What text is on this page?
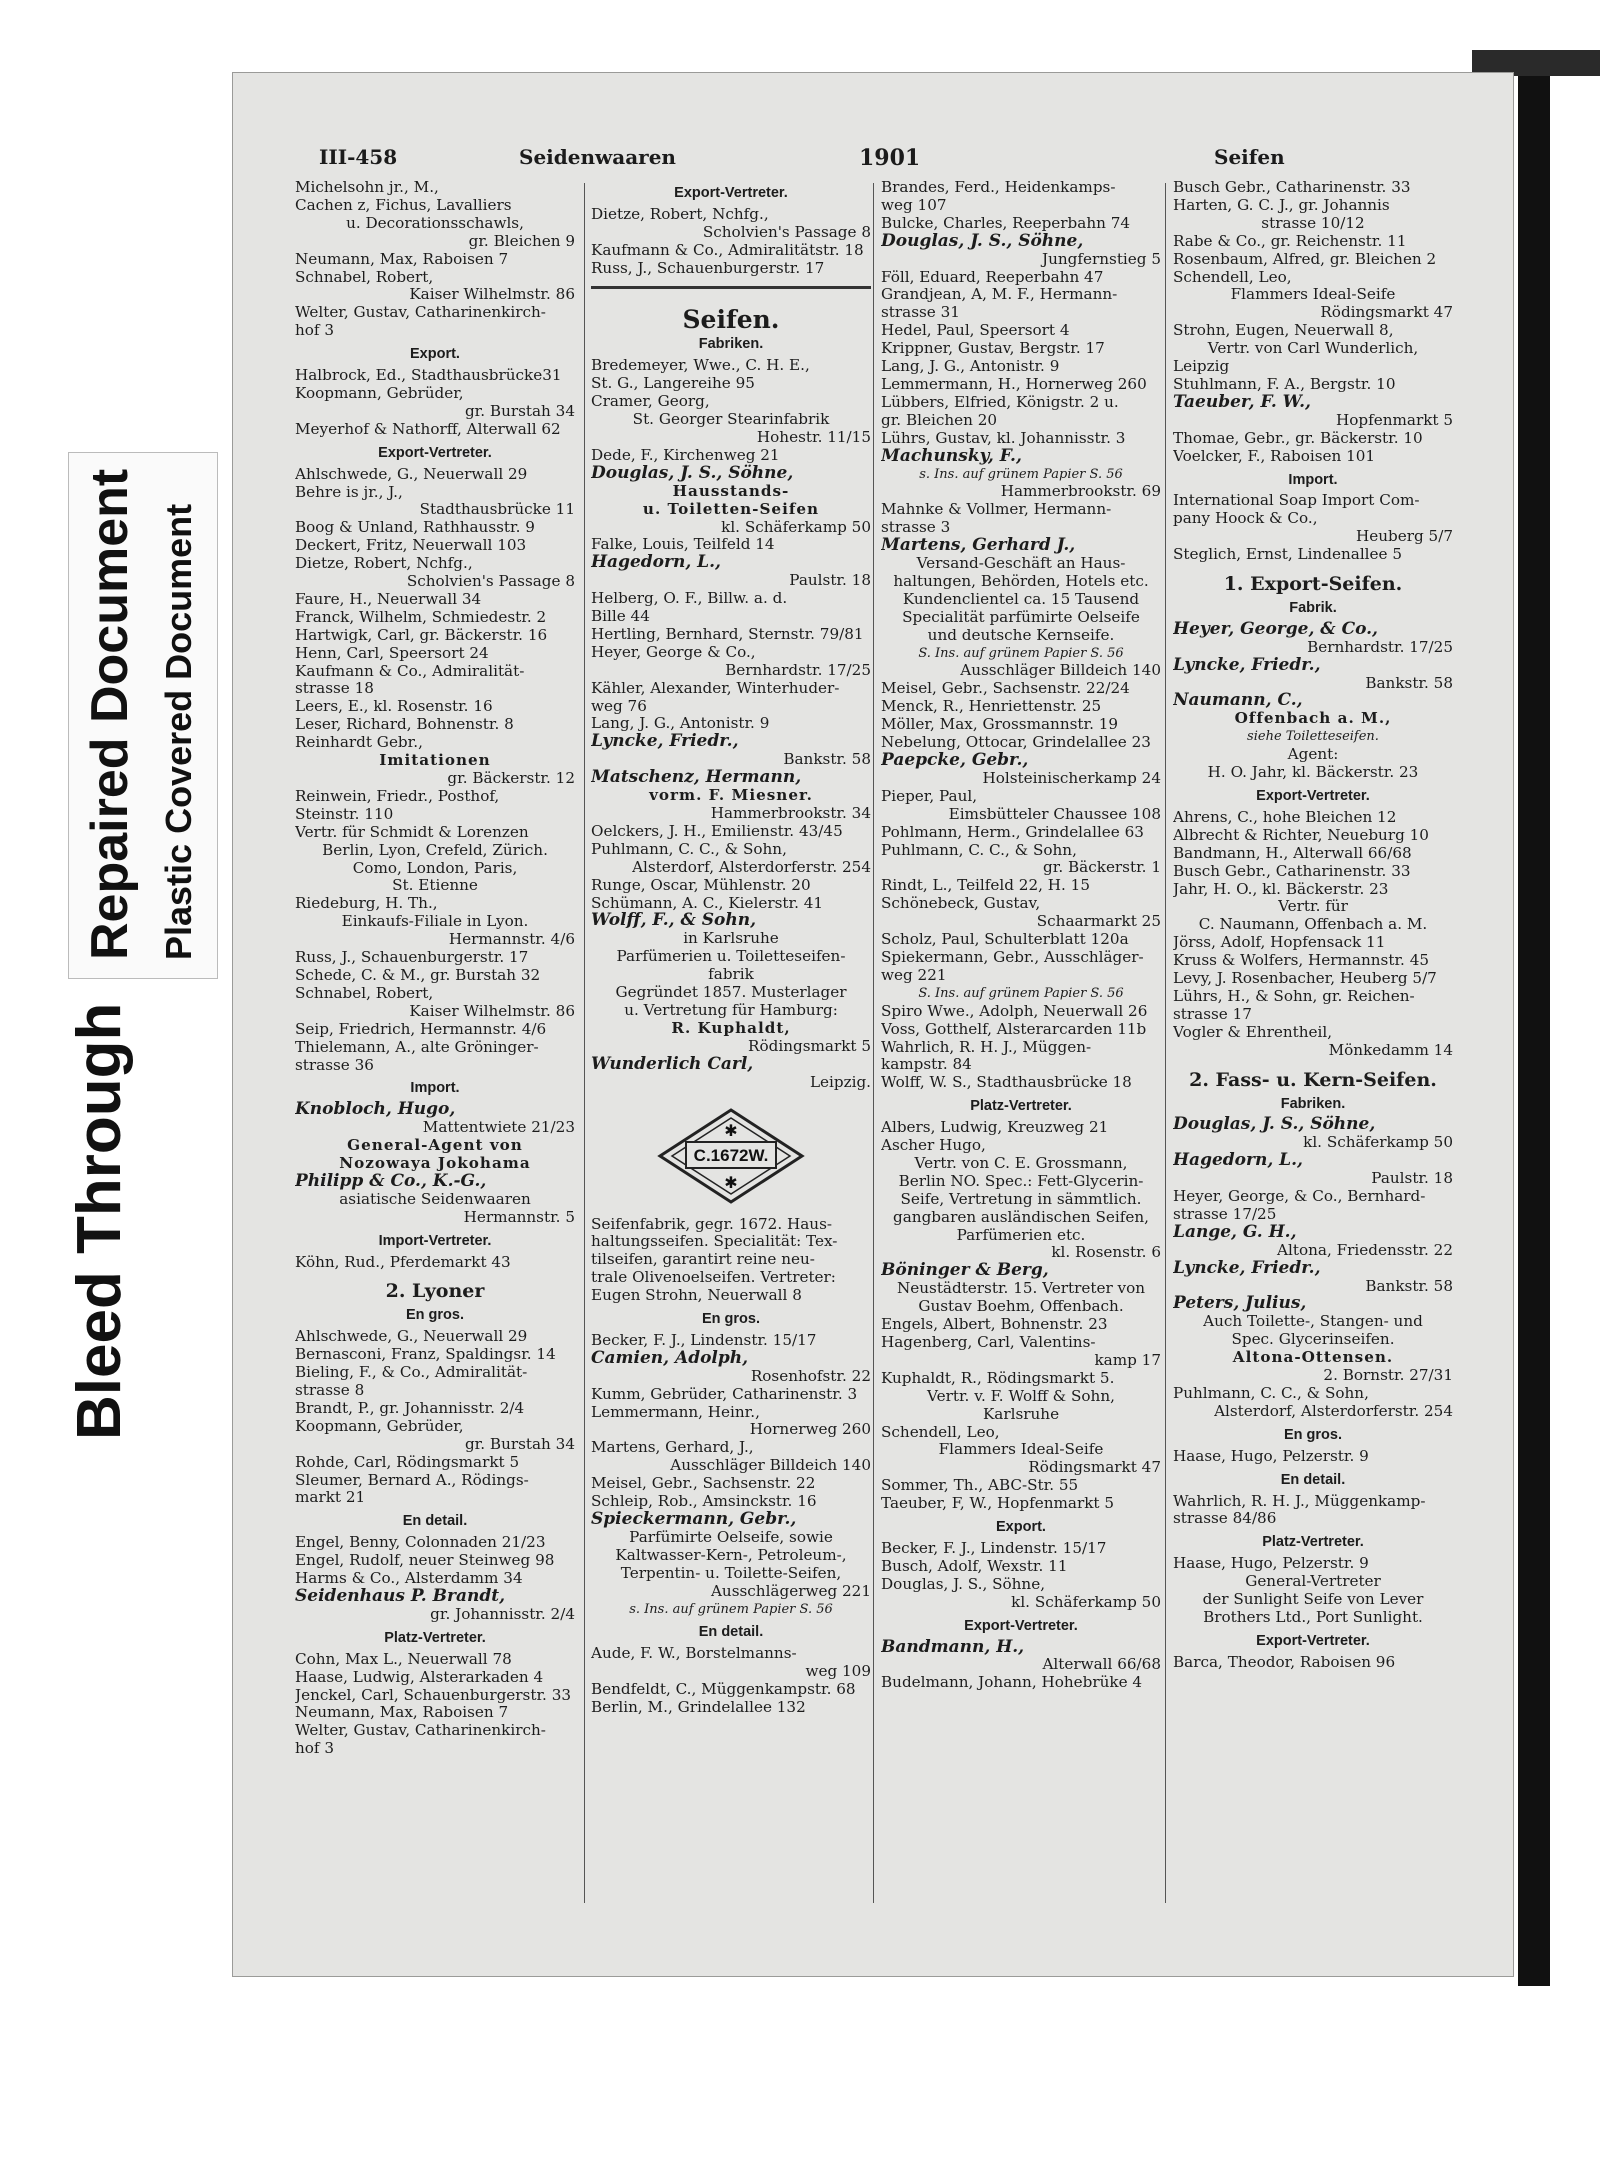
Bleed Through
Repaired Document Plastic Covered Document
III-458	Seidenwaaren	1901	Seifen

Michelsohn jr., M.,

Cachen z, Fichus, Lavalliers

u. Decorationsschawls,

gr. Bleichen 9

Neumann, Max, Raboisen 7

Schnabel, Robert,

Kaiser Wilhelmstr. 86

Welter, Gustav, Catharinenkirch-

hof 3

Export.

Halbrock, Ed., Stadthausbrücke31

Koopmann, Gebrüder,

gr. Burstah 34

Meyerhof & Nathorff, Alterwall 62

Export-Vertreter.

Ahlschwede, G., Neuerwall 29

Behre is jr., J.,

Stadthausbrücke 11

Boog & Unland, Rathhausstr. 9

Deckert, Fritz, Neuerwall 103

Dietze, Robert, Nchfg.,

Scholvien's Passage 8

Faure, H., Neuerwall 34

Franck, Wilhelm, Schmiedestr. 2

Hartwigk, Carl, gr. Bäckerstr. 16

Henn, Carl, Speersort 24

Kaufmann & Co., Admiralität-

strasse 18

Leers, E., kl. Rosenstr. 16

Leser, Richard, Bohnenstr. 8

Reinhardt Gebr.,

Imitationen

gr. Bäckerstr. 12

Reinwein, Friedr., Posthof,

Steinstr. 110

Vertr. für Schmidt & Lorenzen

Berlin, Lyon, Crefeld, Zürich.

Como, London, Paris,

St. Etienne

Riedeburg, H. Th.,

Einkaufs-Filiale in Lyon.

Hermannstr. 4/6

Russ, J., Schauenburgerstr. 17

Schede, C. & M., gr. Burstah 32

Schnabel, Robert,

Kaiser Wilhelmstr. 86

Seip, Friedrich, Hermannstr. 4/6

Thielemann, A., alte Gröninger-

strasse 36

Import.

Knobloch, Hugo,

Mattentwiete 21/23

General-Agent von

Nozowaya Jokohama

Philipp & Co., K.-G.,

asiatische Seidenwaaren

Hermannstr. 5

Import-Vertreter.

Köhn, Rud., Pferdemarkt 43

2. Lyoner
En gros.

Ahlschwede, G., Neuerwall 29

Bernasconi, Franz, Spaldingsr. 14

Bieling, F., & Co., Admiralität-

strasse 8

Brandt, P., gr. Johannisstr. 2/4

Koopmann, Gebrüder,

gr. Burstah 34

Rohde, Carl, Rödingsmarkt 5

Sleumer, Bernard A., Rödings-

markt 21

En detail.

Engel, Benny, Colonnaden 21/23

Engel, Rudolf, neuer Steinweg 98

Harms & Co., Alsterdamm 34

Seidenhaus P. Brandt,

gr. Johannisstr. 2/4

Platz-Vertreter.

Cohn, Max L., Neuerwall 78

Haase, Ludwig, Alsterarkaden 4

Jenckel, Carl, Schauenburgerstr. 33

Neumann, Max, Raboisen 7

Welter, Gustav, Catharinenkirch-

hof 3

Export-Vertreter.

Dietze, Robert, Nchfg.,

Scholvien's Passage 8

Kaufmann & Co., Admiralitätstr. 18

Russ, J., Schauenburgerstr. 17

Seifen.
Fabriken.

Bredemeyer, Wwe., C. H. E.,

St. G., Langereihe 95

Cramer, Georg,

St. Georger Stearinfabrik

Hohestr. 11/15

Dede, F., Kirchenweg 21

Douglas, J. S., Söhne,

Hausstands-

u. Toiletten-Seifen

kl. Schäferkamp 50

Falke, Louis, Teilfeld 14

Hagedorn, L.,

Paulstr. 18

Helberg, O. F., Billw. a. d.

Bille 44

Hertling, Bernhard, Sternstr. 79/81

Heyer, George & Co.,

Bernhardstr. 17/25

Kähler, Alexander, Winterhuder-

weg 76

Lang, J. G., Antonistr. 9

Lyncke, Friedr.,

Bankstr. 58

Matschenz, Hermann,

vorm. F. Miesner.

Hammerbrookstr. 34

Oelckers, J. H., Emilienstr. 43/45

Puhlmann, C. C., & Sohn,

Alsterdorf, Alsterdorferstr. 254

Runge, Oscar, Mühlenstr. 20

Schümann, A. C., Kielerstr. 41

Wolff, F., & Sohn,

in Karlsruhe

Parfümerien u. Toiletteseifen-

fabrik

Gegründet 1857. Musterlager

u. Vertretung für Hamburg:

R. Kuphaldt,

Rödingsmarkt 5

Wunderlich Carl,

Leipzig.

C.1672W.
✱
✱

Seifenfabrik, gegr. 1672. Haus-

haltungsseifen. Specialität: Tex-

tilseifen, garantirt reine neu-

trale Olivenoelseifen. Vertreter:

Eugen Strohn, Neuerwall 8

En gros.

Becker, F. J., Lindenstr. 15/17

Camien, Adolph,

Rosenhofstr. 22

Kumm, Gebrüder, Catharinenstr. 3

Lemmermann, Heinr.,

Hornerweg 260

Martens, Gerhard, J.,

Ausschläger Billdeich 140

Meisel, Gebr., Sachsenstr. 22

Schleip, Rob., Amsinckstr. 16

Spieckermann, Gebr.,

Parfümirte Oelseife, sowie

Kaltwasser-Kern-, Petroleum-,

Terpentin- u. Toilette-Seifen,

Ausschlägerweg 221

s. Ins. auf grünem Papier S. 56

En detail.

Aude, F. W., Borstelmanns-

weg 109

Bendfeldt, C., Müggenkampstr. 68

Berlin, M., Grindelallee 132

Brandes, Ferd., Heidenkamps-

weg 107

Bulcke, Charles, Reeperbahn 74

Douglas, J. S., Söhne,

Jungfernstieg 5

Föll, Eduard, Reeperbahn 47

Grandjean, A, M. F., Hermann-

strasse 31

Hedel, Paul, Speersort 4

Krippner, Gustav, Bergstr. 17

Lang, J. G., Antonistr. 9

Lemmermann, H., Hornerweg 260

Lübbers, Elfried, Königstr. 2 u.

gr. Bleichen 20

Lührs, Gustav, kl. Johannisstr. 3

Machunsky, F.,

s. Ins. auf grünem Papier S. 56

Hammerbrookstr. 69

Mahnke & Vollmer, Hermann-

strasse 3

Martens, Gerhard J.,

Versand-Geschäft an Haus-

haltungen, Behörden, Hotels etc.

Kundenclientel ca. 15 Tausend

Specialität parfümirte Oelseife

und deutsche Kernseife.

S. Ins. auf grünem Papier S. 56

Ausschläger Billdeich 140

Meisel, Gebr., Sachsenstr. 22/24

Menck, R., Henriettenstr. 25

Möller, Max, Grossmannstr. 19

Nebelung, Ottocar, Grindelallee 23

Paepcke, Gebr.,

Holsteinischerkamp 24

Pieper, Paul,

Eimsbütteler Chaussee 108

Pohlmann, Herm., Grindelallee 63

Puhlmann, C. C., & Sohn,

gr. Bäckerstr. 1

Rindt, L., Teilfeld 22, H. 15

Schönebeck, Gustav,

Schaarmarkt 25

Scholz, Paul, Schulterblatt 120a

Spiekermann, Gebr., Ausschläger-

weg 221

S. Ins. auf grünem Papier S. 56

Spiro Wwe., Adolph, Neuerwall 26

Voss, Gotthelf, Alsterarcarden 11b

Wahrlich, R. H. J., Müggen-

kampstr. 84

Wolff, W. S., Stadthausbrücke 18

Platz-Vertreter.

Albers, Ludwig, Kreuzweg 21

Ascher Hugo,

Vertr. von C. E. Grossmann,

Berlin NO. Spec.: Fett-Glycerin-

Seife, Vertretung in sämmtlich.

gangbaren ausländischen Seifen,

Parfümerien etc.

kl. Rosenstr. 6

Böninger & Berg,

Neustädterstr. 15. Vertreter von

Gustav Boehm, Offenbach.

Engels, Albert, Bohnenstr. 23

Hagenberg, Carl, Valentins-

kamp 17

Kuphaldt, R., Rödingsmarkt 5.

Vertr. v. F. Wolff & Sohn,

Karlsruhe

Schendell, Leo,

Flammers Ideal-Seife

Rödingsmarkt 47

Sommer, Th., ABC-Str. 55

Taeuber, F, W., Hopfenmarkt 5

Export.

Becker, F. J., Lindenstr. 15/17

Busch, Adolf, Wexstr. 11

Douglas, J. S., Söhne,

kl. Schäferkamp 50

Export-Vertreter.

Bandmann, H.,

Alterwall 66/68

Budelmann, Johann, Hohebrüke 4

Busch Gebr., Catharinenstr. 33

Harten, G. C. J., gr. Johannis

strasse 10/12

Rabe & Co., gr. Reichenstr. 11

Rosenbaum, Alfred, gr. Bleichen 2

Schendell, Leo,

Flammers Ideal-Seife

Rödingsmarkt 47

Strohn, Eugen, Neuerwall 8,

Vertr. von Carl Wunderlich,

Leipzig

Stuhlmann, F. A., Bergstr. 10

Taeuber, F. W.,

Hopfenmarkt 5

Thomae, Gebr., gr. Bäckerstr. 10

Voelcker, F., Raboisen 101

Import.

International Soap Import Com-

pany Hoock & Co.,

Heuberg 5/7

Steglich, Ernst, Lindenallee 5

1. Export-Seifen.
Fabrik.

Heyer, George, & Co.,

Bernhardstr. 17/25

Lyncke, Friedr.,

Bankstr. 58

Naumann, C.,

Offenbach a. M.,

siehe Toiletteseifen.

Agent:

H. O. Jahr, kl. Bäckerstr. 23

Export-Vertreter.

Ahrens, C., hohe Bleichen 12

Albrecht & Richter, Neueburg 10

Bandmann, H., Alterwall 66/68

Busch Gebr., Catharinenstr. 33

Jahr, H. O., kl. Bäckerstr. 23

Vertr. für

C. Naumann, Offenbach a. M.

Jörss, Adolf, Hopfensack 11

Kruss & Wolfers, Hermannstr. 45

Levy, J. Rosenbacher, Heuberg 5/7

Lührs, H., & Sohn, gr. Reichen-

strasse 17

Vogler & Ehrentheil,

Mönkedamm 14

2. Fass- u. Kern-Seifen.
Fabriken.

Douglas, J. S., Söhne,

kl. Schäferkamp 50

Hagedorn, L.,

Paulstr. 18

Heyer, George, & Co., Bernhard-

strasse 17/25

Lange, G. H.,

Altona, Friedensstr. 22

Lyncke, Friedr.,

Bankstr. 58

Peters, Julius,

Auch Toilette-, Stangen- und

Spec. Glycerinseifen.

Altona-Ottensen.

2. Bornstr. 27/31

Puhlmann, C. C., & Sohn,

Alsterdorf, Alsterdorferstr. 254

En gros.

Haase, Hugo, Pelzerstr. 9

En detail.

Wahrlich, R. H. J., Müggenkamp-

strasse 84/86

Platz-Vertreter.

Haase, Hugo, Pelzerstr. 9

General-Vertreter

der Sunlight Seife von Lever

Brothers Ltd., Port Sunlight.

Export-Vertreter.

Barca, Theodor, Raboisen 96
